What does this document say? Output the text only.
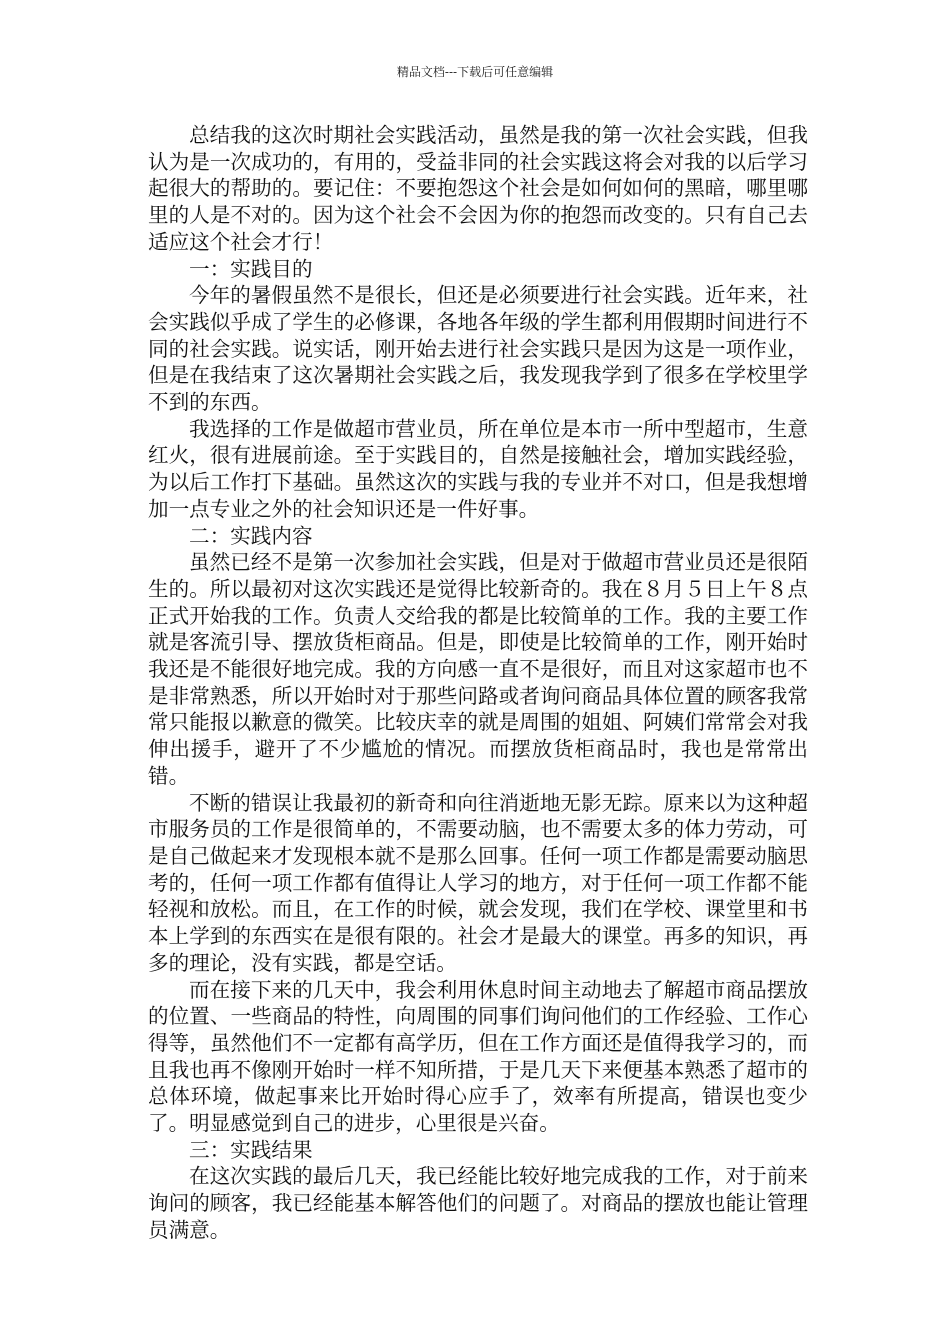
精品文档---下载后可任意编辑

总结我的这次时期社会实践活动，虽然是我的第一次社会实践，但我认为是一次成功的，有用的，受益非同的社会实践这将会对我的以后学习起很大的帮助的。要记住：不要抱怨这个社会是如何如何的黑暗，哪里哪里的人是不对的。因为这个社会不会因为你的抱怨而改变的。只有自己去适应这个社会才行！

一：实践目的

今年的暑假虽然不是很长，但还是必须要进行社会实践。近年来，社会实践似乎成了学生的必修课，各地各年级的学生都利用假期时间进行不同的社会实践。说实话，刚开始去进行社会实践只是因为这是一项作业，但是在我结束了这次暑期社会实践之后，我发现我学到了很多在学校里学不到的东西。

我选择的工作是做超市营业员，所在单位是本市一所中型超市，生意红火，很有进展前途。至于实践目的，自然是接触社会，增加实践经验，为以后工作打下基础。虽然这次的实践与我的专业并不对口，但是我想增加一点专业之外的社会知识还是一件好事。

二：实践内容

虽然已经不是第一次参加社会实践，但是对于做超市营业员还是很陌生的。所以最初对这次实践还是觉得比较新奇的。我在８月５日上午８点正式开始我的工作。负责人交给我的都是比较简单的工作。我的主要工作就是客流引导、摆放货柜商品。但是，即使是比较简单的工作，刚开始时我还是不能很好地完成。我的方向感一直不是很好，而且对这家超市也不是非常熟悉，所以开始时对于那些问路或者询问商品具体位置的顾客我常常只能报以歉意的微笑。比较庆幸的就是周围的姐姐、阿姨们常常会对我伸出援手，避开了不少尴尬的情况。而摆放货柜商品时，我也是常常出错。

不断的错误让我最初的新奇和向往消逝地无影无踪。原来以为这种超市服务员的工作是很简单的，不需要动脑，也不需要太多的体力劳动，可是自己做起来才发现根本就不是那么回事。任何一项工作都是需要动脑思考的，任何一项工作都有值得让人学习的地方，对于任何一项工作都不能轻视和放松。而且，在工作的时候，就会发现，我们在学校、课堂里和书本上学到的东西实在是很有限的。社会才是最大的课堂。再多的知识，再多的理论，没有实践，都是空话。

而在接下来的几天中，我会利用休息时间主动地去了解超市商品摆放的位置、一些商品的特性，向周围的同事们询问他们的工作经验、工作心得等，虽然他们不一定都有高学历，但在工作方面还是值得我学习的，而且我也再不像刚开始时一样不知所措，于是几天下来便基本熟悉了超市的总体环境，做起事来比开始时得心应手了，效率有所提高，错误也变少了。明显感觉到自己的进步，心里很是兴奋。

三：实践结果

在这次实践的最后几天，我已经能比较好地完成我的工作，对于前来询问的顾客，我已经能基本解答他们的问题了。对商品的摆放也能让管理员满意。
